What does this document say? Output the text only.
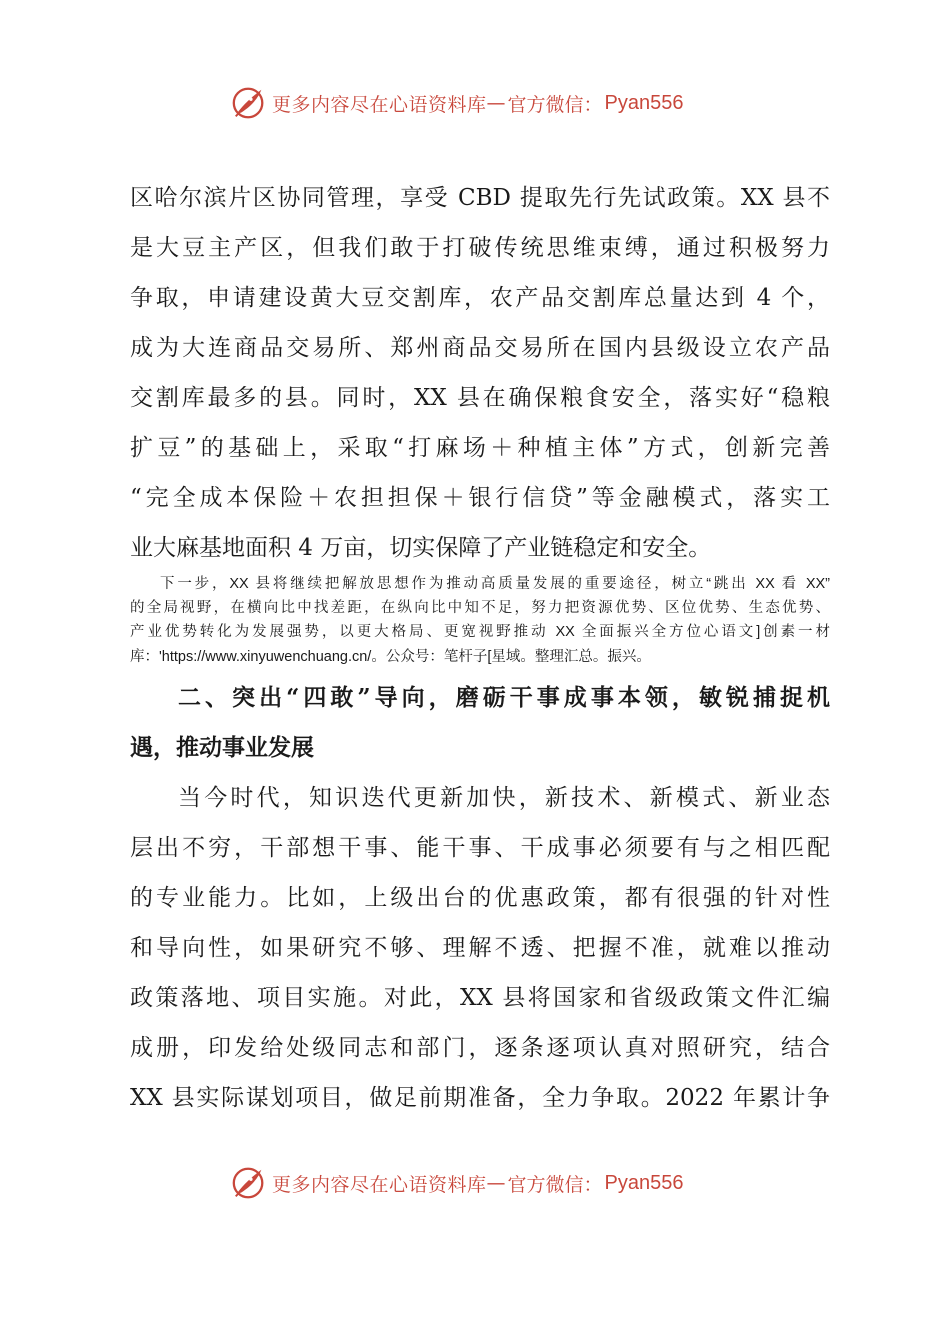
更多内容尽在心语资料库 — 官方微信： Pyan556
区哈尔滨片区协同管理，享受 CBD 提取先行先试政策。XX 县不
是大豆主产区，但我们敢于打破传统思维束缚，通过积极努力
争取，申请建设黄大豆交割库，农产品交割库总量达到 4 个，
成为大连商品交易所、郑州商品交易所在国内县级设立农产品
交割库最多的县。同时，XX 县在确保粮食安全，落实好“稳粮
扩豆”的基础上，采取“打麻场＋种植主体”方式，创新完善
“完全成本保险＋农担担保＋银行信贷”等金融模式，落实工
业大麻基地面积 4 万亩，切实保障了产业链稳定和安全。
下一步，XX 县将继续把解放思想作为推动高质量发展的重要途径，树立“跳出 XX 看 XX”
的全局视野，在横向比中找差距，在纵向比中知不足，努力把资源优势、区位优势、生态优势、
产业优势转化为发展强势，以更大格局、更宽视野推动 XX 全面振兴全方位心语文]创素一材
库：'https://www.xinyuwenchuang.cn/。公众号：笔杆子[星域。整理汇总。振兴。
二、突出“四敢”导向，磨砺干事成事本领，敏锐捕捉机
遇，推动事业发展
当今时代，知识迭代更新加快，新技术、新模式、新业态
层出不穷，干部想干事、能干事、干成事必须要有与之相匹配
的专业能力。比如，上级出台的优惠政策，都有很强的针对性
和导向性，如果研究不够、理解不透、把握不准，就难以推动
政策落地、项目实施。对此，XX 县将国家和省级政策文件汇编
成册，印发给处级同志和部门，逐条逐项认真对照研究，结合
XX 县实际谋划项目，做足前期准备，全力争取。2022 年累计争
更多内容尽在心语资料库 — 官方微信： Pyan556
